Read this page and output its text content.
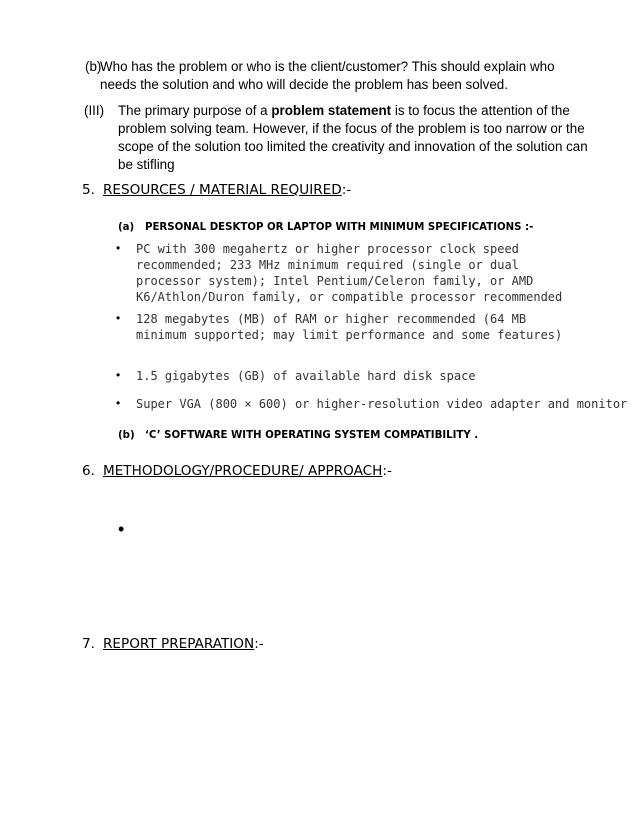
(b)
Who has the problem or who is the client/customer? This should explain who needs the solution and who will decide the problem has been solved.
(III) The primary purpose of a problem statement is to focus the attention of the problem solving team. However, if the focus of the problem is too narrow or the scope of the solution too limited the creativity and innovation of the solution can be stifling
5. RESOURCES / MATERIAL REQUIRED:-
(a) PERSONAL DESKTOP OR LAPTOP WITH MINIMUM SPECIFICATIONS :-
• PC with 300 megahertz or higher processor clock speed recommended; 233 MHz minimum required (single or dual processor system); Intel Pentium/Celeron family, or AMD K6/Athlon/Duron family, or compatible processor recommended
• 128 megabytes (MB) of RAM or higher recommended (64 MB minimum supported; may limit performance and some features)
• 1.5 gigabytes (GB) of available hard disk space
• Super VGA (800 × 600) or higher-resolution video adapter and monitor
(b) ‘C’ SOFTWARE WITH OPERATING SYSTEM COMPATIBILITY .
6. METHODOLOGY/PROCEDURE/ APPROACH:-
•
7. REPORT PREPARATION:-
